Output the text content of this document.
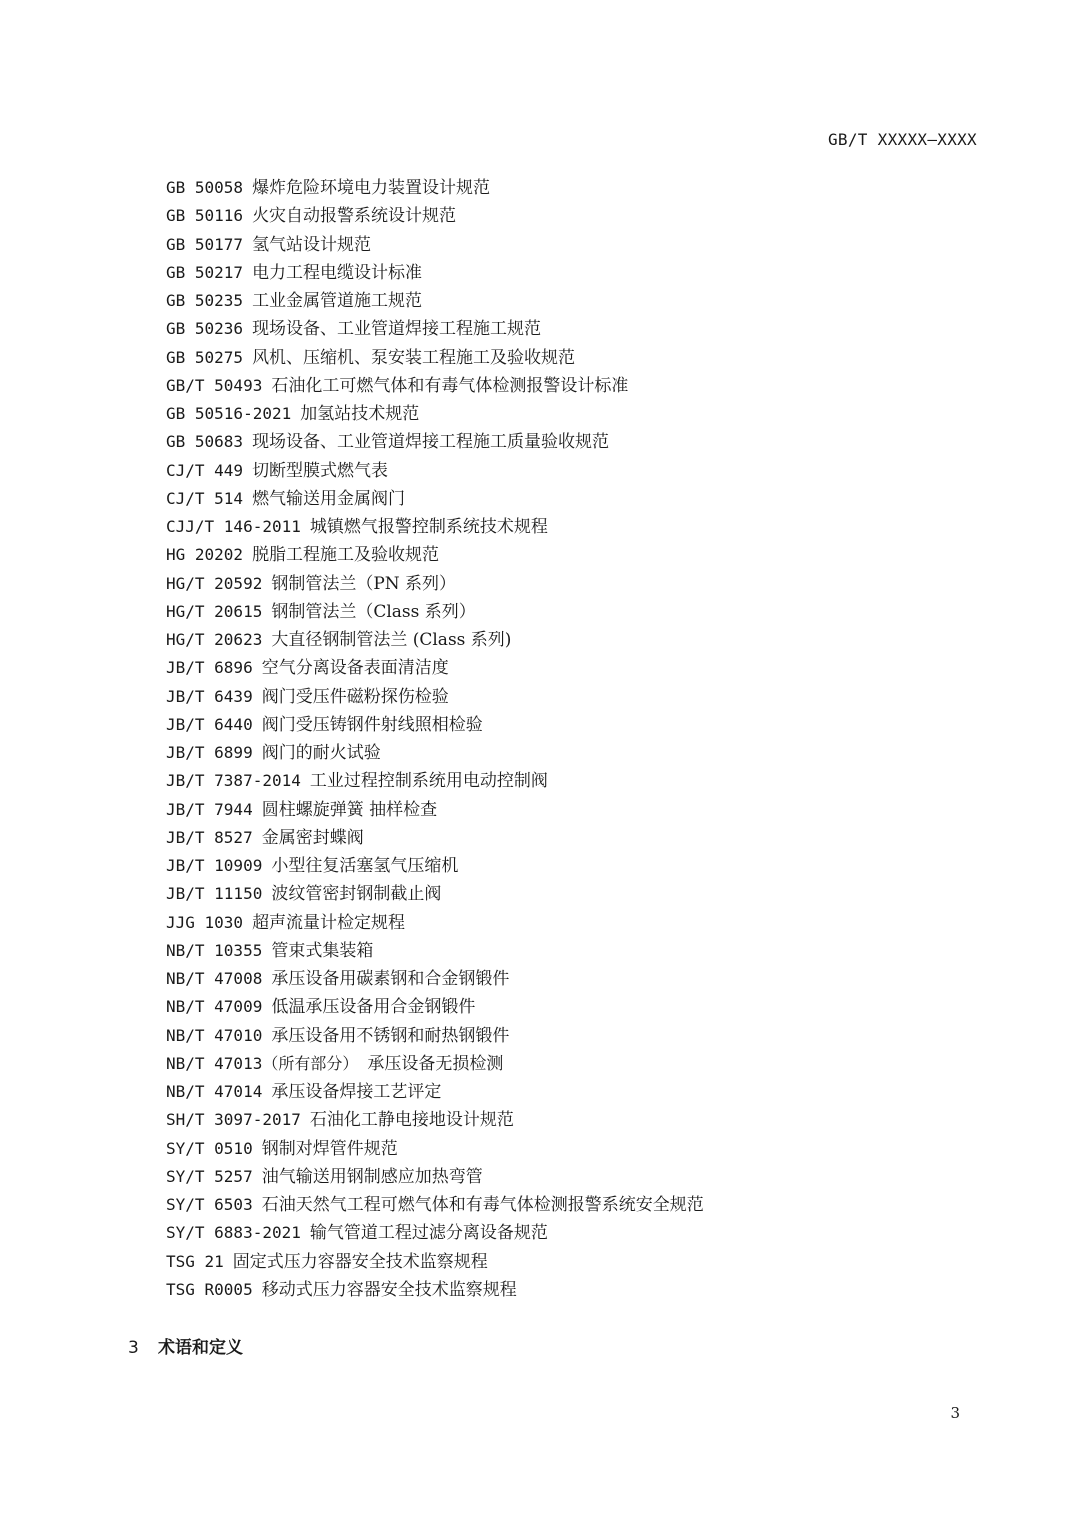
GB/T XXXXX—XXXX
GB 50058 爆炸危险环境电力装置设计规范
GB 50116 火灾自动报警系统设计规范
GB 50177 氢气站设计规范
GB 50217 电力工程电缆设计标准
GB 50235 工业金属管道施工规范
GB 50236 现场设备、工业管道焊接工程施工规范
GB 50275 风机、压缩机、泵安装工程施工及验收规范
GB/T 50493 石油化工可燃气体和有毒气体检测报警设计标准
GB 50516-2021 加氢站技术规范
GB 50683 现场设备、工业管道焊接工程施工质量验收规范
CJ/T 449 切断型膜式燃气表
CJ/T 514 燃气输送用金属阀门
CJJ/T 146-2011 城镇燃气报警控制系统技术规程
HG 20202 脱脂工程施工及验收规范
HG/T 20592 钢制管法兰（PN 系列）
HG/T 20615 钢制管法兰（Class 系列）
HG/T 20623 大直径钢制管法兰 (Class 系列)
JB/T 6896 空气分离设备表面清洁度
JB/T 6439 阀门受压件磁粉探伤检验
JB/T 6440 阀门受压铸钢件射线照相检验
JB/T 6899 阀门的耐火试验
JB/T 7387-2014 工业过程控制系统用电动控制阀
JB/T 7944 圆柱螺旋弹簧 抽样检查
JB/T 8527 金属密封蝶阀
JB/T 10909 小型往复活塞氢气压缩机
JB/T 11150 波纹管密封钢制截止阀
JJG 1030 超声流量计检定规程
NB/T 10355 管束式集装箱
NB/T 47008 承压设备用碳素钢和合金钢锻件
NB/T 47009 低温承压设备用合金钢锻件
NB/T 47010 承压设备用不锈钢和耐热钢锻件
NB/T 47013（所有部分） 承压设备无损检测
NB/T 47014 承压设备焊接工艺评定
SH/T 3097-2017 石油化工静电接地设计规范
SY/T 0510 钢制对焊管件规范
SY/T 5257 油气输送用钢制感应加热弯管
SY/T 6503 石油天然气工程可燃气体和有毒气体检测报警系统安全规范
SY/T 6883-2021 输气管道工程过滤分离设备规范
TSG 21 固定式压力容器安全技术监察规程
TSG R0005 移动式压力容器安全技术监察规程
3 术语和定义
3
